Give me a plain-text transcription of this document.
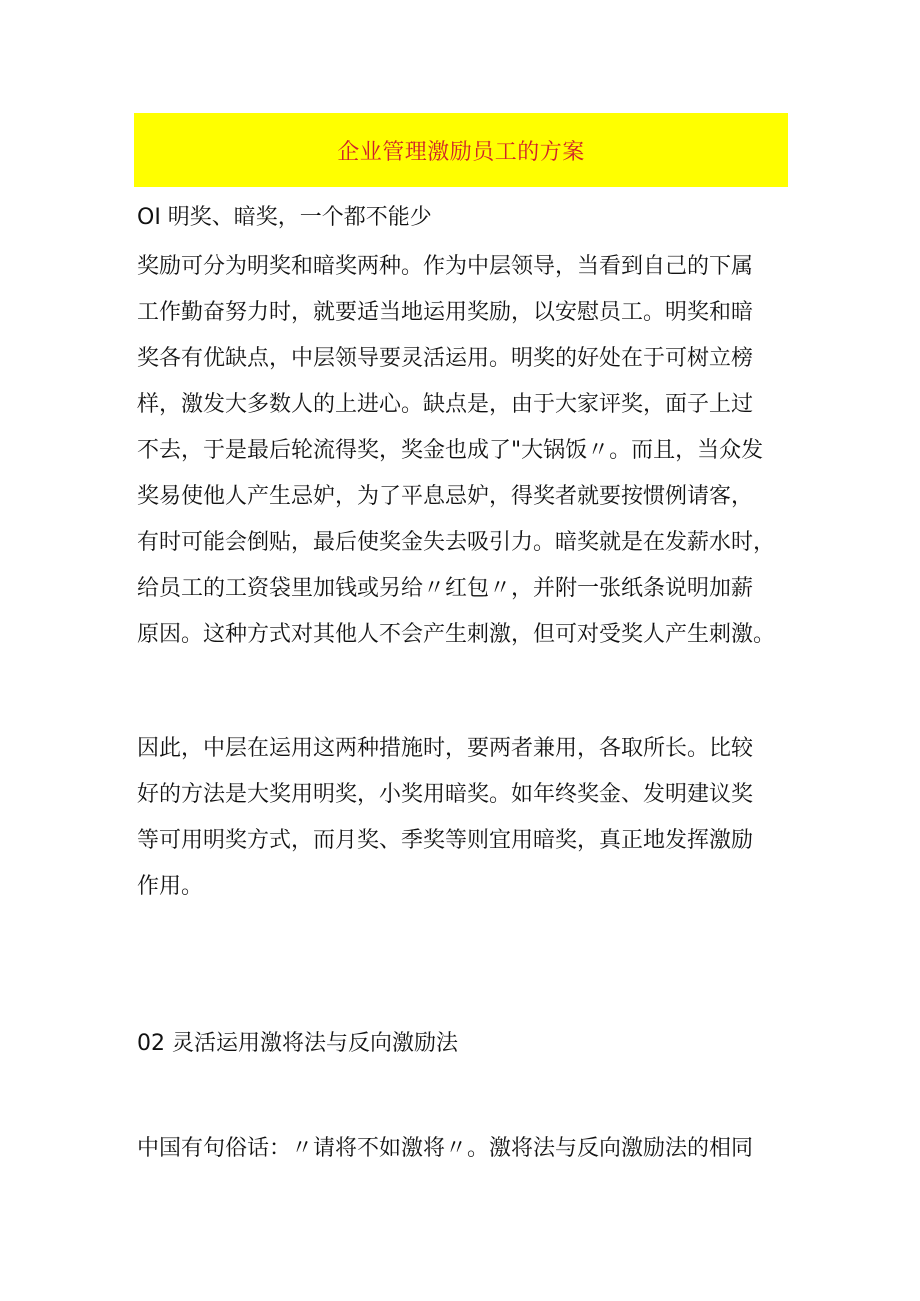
企业管理激励员工的方案
OI 明奖、暗奖，一个都不能少
奖励可分为明奖和暗奖两种。作为中层领导，当看到自己的下属
工作勤奋努力时，就要适当地运用奖励，以安慰员工。明奖和暗
奖各有优缺点，中层领导要灵活运用。明奖的好处在于可树立榜
样，激发大多数人的上进心。缺点是，由于大家评奖，面子上过
不去，于是最后轮流得奖，奖金也成了"大锅饭〃。而且，当众发
奖易使他人产生忌妒，为了平息忌妒，得奖者就要按惯例请客，
有时可能会倒贴，最后使奖金失去吸引力。暗奖就是在发薪水时，
给员工的工资袋里加钱或另给〃红包〃，并附一张纸条说明加薪
原因。这种方式对其他人不会产生刺激，但可对受奖人产生刺激。
因此，中层在运用这两种措施时，要两者兼用，各取所长。比较
好的方法是大奖用明奖，小奖用暗奖。如年终奖金、发明建议奖
等可用明奖方式，而月奖、季奖等则宜用暗奖，真正地发挥激励
作用。
02 灵活运用激将法与反向激励法
中国有句俗话：〃请将不如激将〃。激将法与反向激励法的相同
